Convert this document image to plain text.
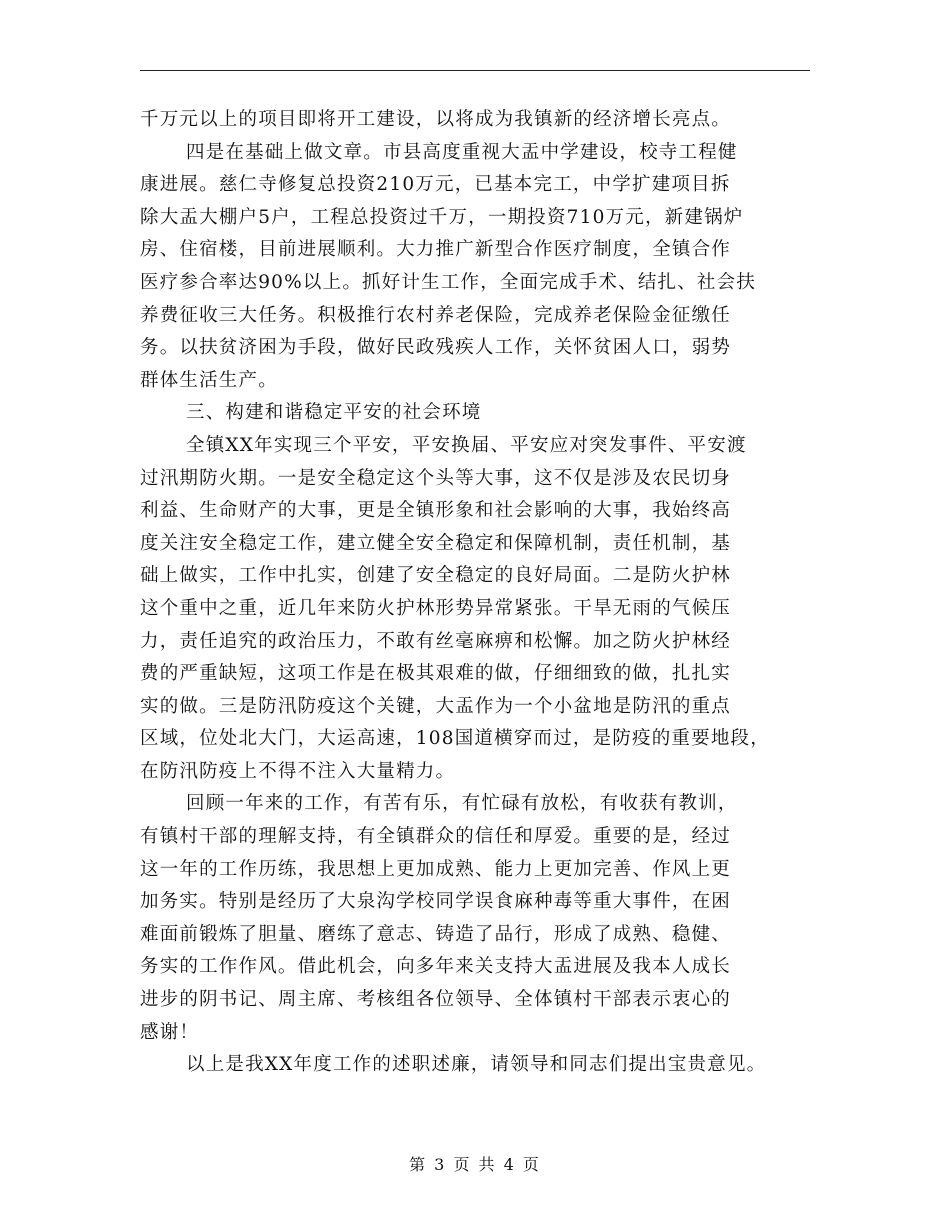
千万元以上的项目即将开工建设，以将成为我镇新的经济增长亮点。
四是在基础上做文章。市县高度重视大盂中学建设，校寺工程健
康进展。慈仁寺修复总投资210万元，已基本完工，中学扩建项目拆
除大盂大棚户5户，工程总投资过千万，一期投资710万元，新建锅炉
房、住宿楼，目前进展顺利。大力推广新型合作医疗制度，全镇合作
医疗参合率达90%以上。抓好计生工作，全面完成手术、结扎、社会扶
养费征收三大任务。积极推行农村养老保险，完成养老保险金征缴任
务。以扶贫济困为手段，做好民政残疾人工作，关怀贫困人口，弱势
群体生活生产。
三、构建和谐稳定平安的社会环境
全镇XX年实现三个平安，平安换届、平安应对突发事件、平安渡
过汛期防火期。一是安全稳定这个头等大事，这不仅是涉及农民切身
利益、生命财产的大事，更是全镇形象和社会影响的大事，我始终高
度关注安全稳定工作，建立健全安全稳定和保障机制，责任机制，基
础上做实，工作中扎实，创建了安全稳定的良好局面。二是防火护林
这个重中之重，近几年来防火护林形势异常紧张。干旱无雨的气候压
力，责任追究的政治压力，不敢有丝毫麻痹和松懈。加之防火护林经
费的严重缺短，这项工作是在极其艰难的做，仔细细致的做，扎扎实
实的做。三是防汛防疫这个关键，大盂作为一个小盆地是防汛的重点
区域，位处北大门，大运高速，108国道横穿而过，是防疫的重要地段，
在防汛防疫上不得不注入大量精力。
回顾一年来的工作，有苦有乐，有忙碌有放松，有收获有教训，
有镇村干部的理解支持，有全镇群众的信任和厚爱。重要的是，经过
这一年的工作历练，我思想上更加成熟、能力上更加完善、作风上更
加务实。特别是经历了大泉沟学校同学误食麻种毒等重大事件，在困
难面前锻炼了胆量、磨练了意志、铸造了品行，形成了成熟、稳健、
务实的工作作风。借此机会，向多年来关支持大盂进展及我本人成长
进步的阴书记、周主席、考核组各位领导、全体镇村干部表示衷心的
感谢！
以上是我XX年度工作的述职述廉，请领导和同志们提出宝贵意见。
第 3 页 共 4 页
